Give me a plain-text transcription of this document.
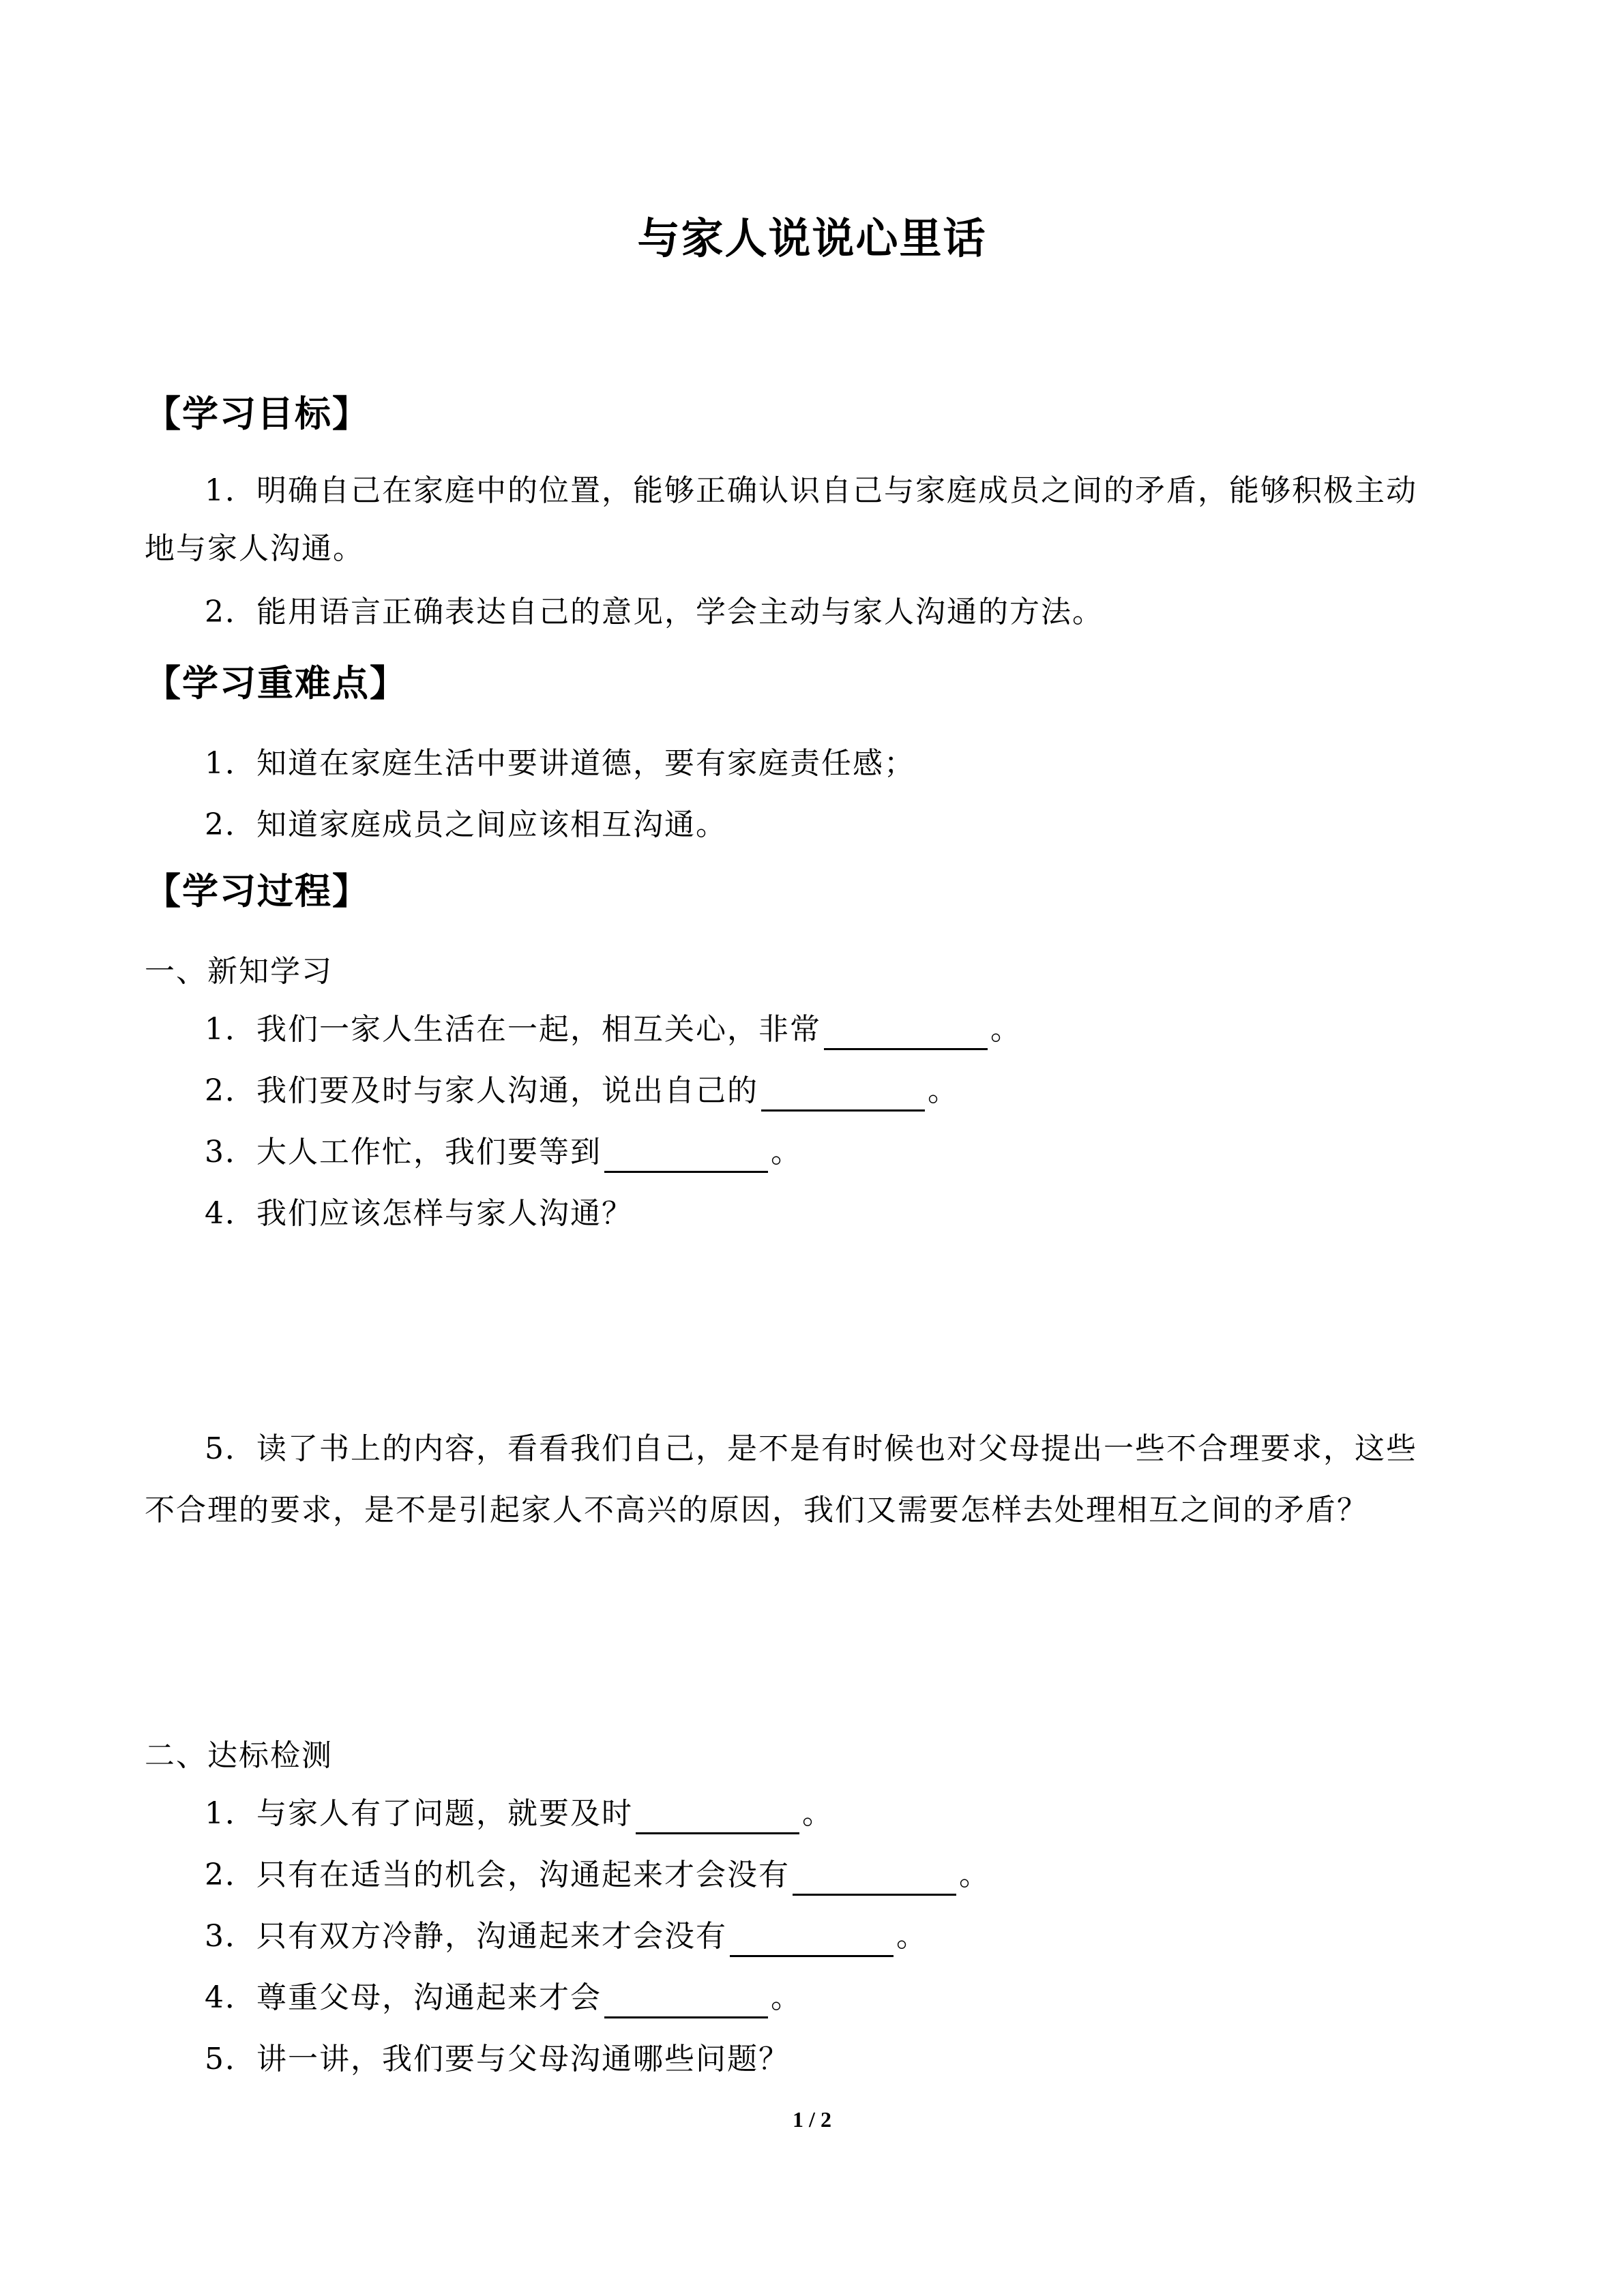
与家人说说心里话
【学习目标】
1．明确自己在家庭中的位置，能够正确认识自己与家庭成员之间的矛盾，能够积极主动
地与家人沟通。
2．能用语言正确表达自己的意见，学会主动与家人沟通的方法。
【学习重难点】
1．知道在家庭生活中要讲道德，要有家庭责任感；
2．知道家庭成员之间应该相互沟通。
【学习过程】
一、新知学习
1．我们一家人生活在一起，相互关心，非常	。
2．我们要及时与家人沟通，说出自己的	。
3．大人工作忙，我们要等到	。
4．我们应该怎样与家人沟通？
5．读了书上的内容，看看我们自己，是不是有时候也对父母提出一些不合理要求，这些
不合理的要求，是不是引起家人不高兴的原因，我们又需要怎样去处理相互之间的矛盾？
二、达标检测
1．与家人有了问题，就要及时	。
2．只有在适当的机会，沟通起来才会没有	。
3．只有双方冷静，沟通起来才会没有	。
4．尊重父母，沟通起来才会	。
5．讲一讲，我们要与父母沟通哪些问题？
1 / 2
